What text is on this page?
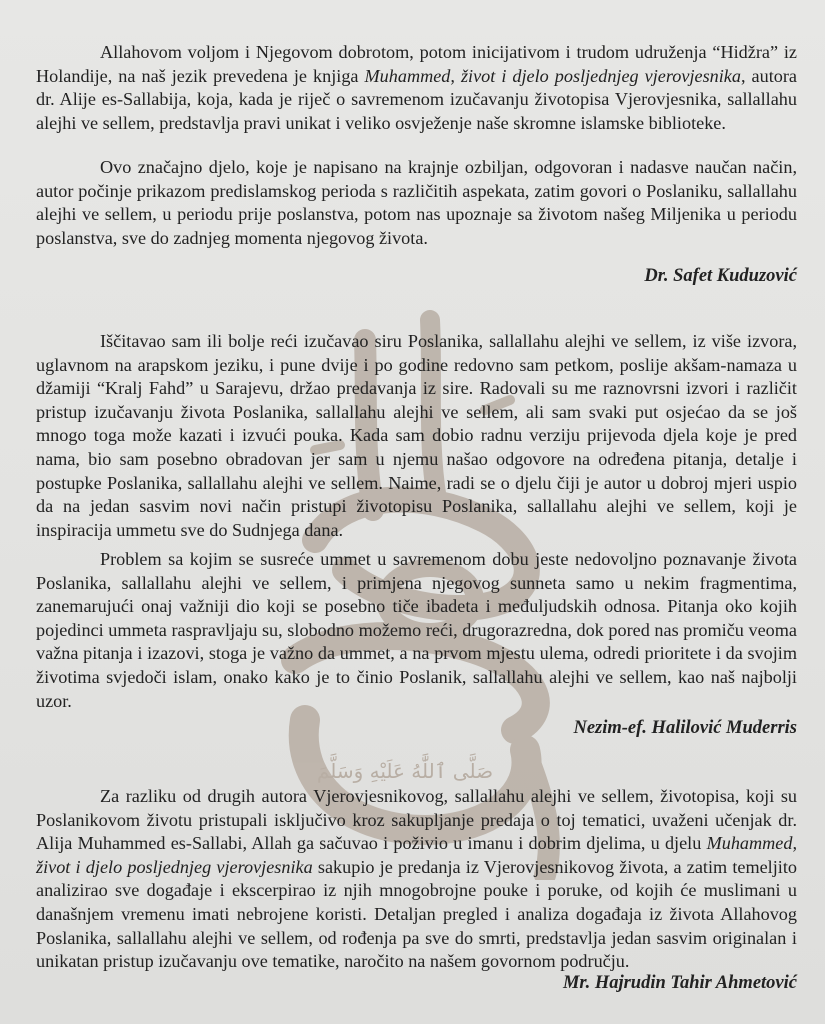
صَلَّى ٱللَّٰهُ عَلَيْهِ وَسَلَّمَ

Allahovom voljom i Njegovom dobrotom, potom inicijativom i trudom udruženja “Hidžra” iz Holandije, na naš jezik prevedena je knjiga Muhammed, život i djelo posljednjeg vjerovjesnika, autora dr. Alije es-Sallabija, koja, kada je riječ o savremenom izučavanju životopisa Vjerovjesnika, sallallahu alejhi ve sellem, predstavlja pravi unikat i veliko osvježenje naše skromne islamske biblioteke.

Ovo značajno djelo, koje je napisano na krajnje ozbiljan, odgovoran i nadasve naučan način, autor počinje prikazom predislamskog perioda s različitih aspekata, zatim govori o Poslaniku, sallallahu alejhi ve sellem, u periodu prije poslanstva, potom nas upoznaje sa životom našeg Miljenika u periodu poslanstva, sve do zadnjeg momenta njegovog života.

Dr. Safet Kuduzović

Iščitavao sam ili bolje reći izučavao siru Poslanika, sallallahu alejhi ve sellem, iz više izvora, uglavnom na arapskom jeziku, i pune dvije i po godine redovno sam petkom, poslije akšam-namaza u džamiji “Kralj Fahd” u Sarajevu, držao predavanja iz sire. Radovali su me raznovrsni izvori i različit pristup izučavanju života Poslanika, sallallahu alejhi ve sellem, ali sam svaki put osjećao da se još mnogo toga može kazati i izvući pouka. Kada sam dobio radnu verziju prijevoda djela koje je pred nama, bio sam posebno obradovan jer sam u njemu našao odgovore na određena pitanja, detalje i postupke Poslanika, sallallahu alejhi ve sellem. Naime, radi se o djelu čiji je autor u dobroj mjeri uspio da na jedan sasvim novi način pristupi životopisu Poslanika, sallallahu alejhi ve sellem, koji je inspiracija ummetu sve do Sudnjega dana.

Problem sa kojim se susreće ummet u savremenom dobu jeste nedovoljno poznavanje života Poslanika, sallallahu alejhi ve sellem, i primjena njegovog sunneta samo u nekim fragmentima, zanemarujući onaj važniji dio koji se posebno tiče ibadeta i međuljudskih odnosa. Pitanja oko kojih pojedinci ummeta raspravljaju su, slobodno možemo reći, drugorazredna, dok pored nas promiču veoma važna pitanja i izazovi, stoga je važno da ummet, a na prvom mjestu ulema, odredi prioritete i da svojim životima svjedoči islam, onako kako je to činio Poslanik, sallallahu alejhi ve sellem, kao naš najbolji uzor.

Nezim-ef. Halilović Muderris

Za razliku od drugih autora Vjerovjesnikovog, sallallahu alejhi ve sellem, životopisa, koji su Poslanikovom životu pristupali isključivo kroz sakupljanje predaja o toj tematici, uvaženi učenjak dr. Alija Muhammed es-Sallabi, Allah ga sačuvao i poživio u imanu i dobrim djelima, u djelu Muhammed, život i djelo posljednjeg vjerovjesnika sakupio je predanja iz Vjerovjesnikovog života, a zatim temeljito analizirao sve događaje i ekscerpirao iz njih mnogobrojne pouke i poruke, od kojih će muslimani u današnjem vremenu imati nebrojene koristi. Detaljan pregled i analiza događaja iz života Allahovog Poslanika, sallallahu alejhi ve sellem, od rođenja pa sve do smrti, predstavlja jedan sasvim originalan i unikatan pristup izučavanju ove tematike, naročito na našem govornom području.

Mr. Hajrudin Tahir Ahmetović
